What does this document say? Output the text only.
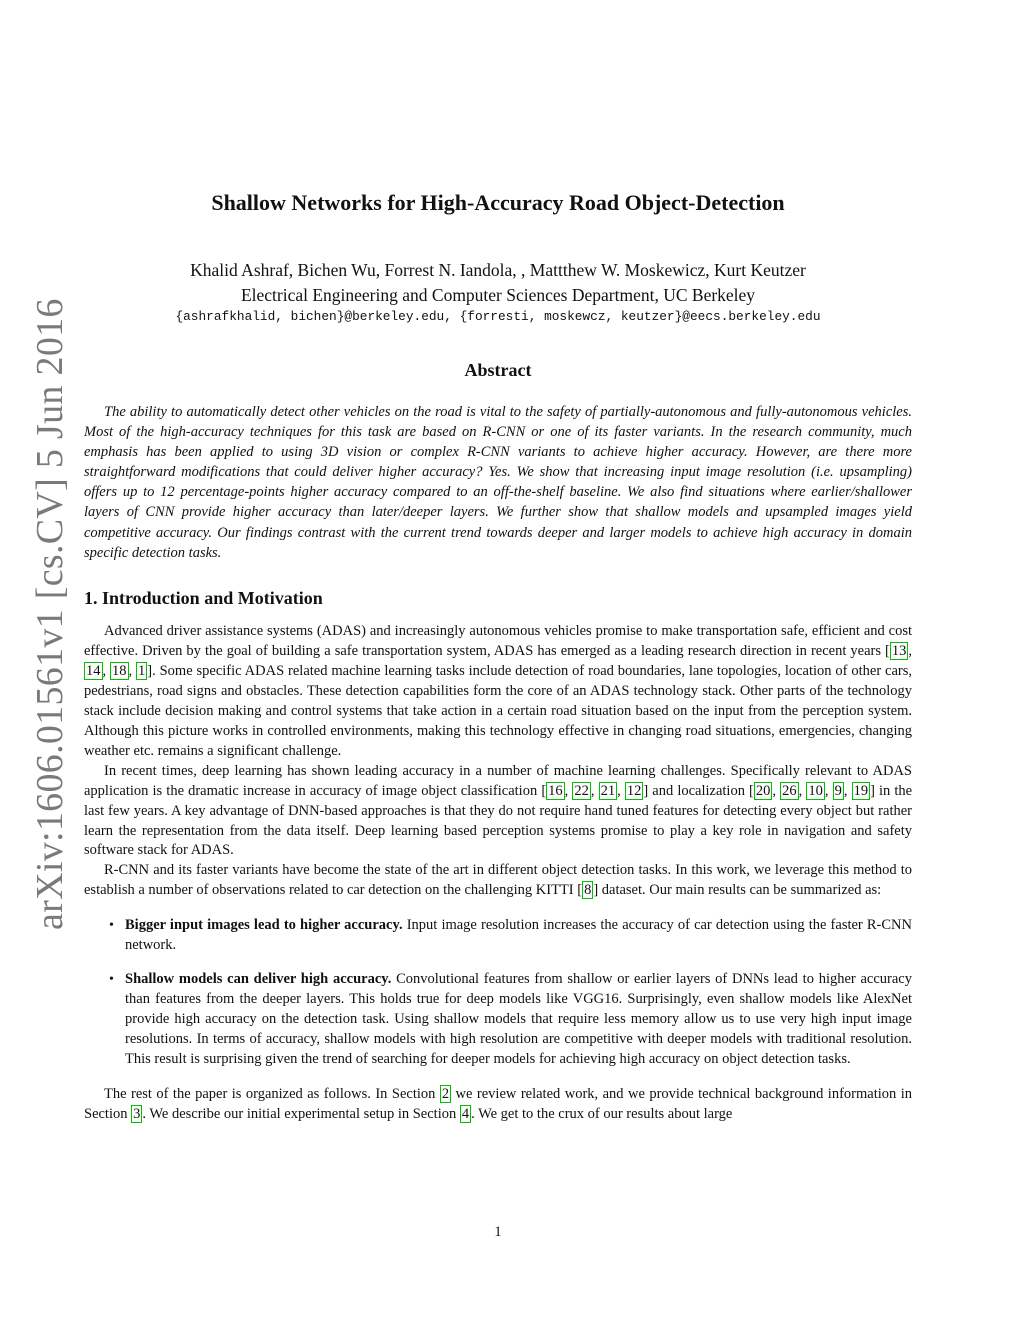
arXiv:1606.01561v1 [cs.CV] 5 Jun 2016
Shallow Networks for High-Accuracy Road Object-Detection
Khalid Ashraf, Bichen Wu, Forrest N. Iandola, , Mattthew W. Moskewicz, Kurt Keutzer
Electrical Engineering and Computer Sciences Department, UC Berkeley
{ashrafkhalid, bichen}@berkeley.edu, {forresti, moskewcz, keutzer}@eecs.berkeley.edu
Abstract

The ability to automatically detect other vehicles on the road is vital to the safety of partially-autonomous and fully-autonomous vehicles. Most of the high-accuracy techniques for this task are based on R-CNN or one of its faster variants. In the research community, much emphasis has been applied to using 3D vision or complex R-CNN variants to achieve higher accuracy. However, are there more straightforward modifications that could deliver higher accuracy? Yes. We show that increasing input image resolution (i.e. upsampling) offers up to 12 percentage-points higher accuracy compared to an off-the-shelf baseline. We also find situations where earlier/shallower layers of CNN provide higher accuracy than later/deeper layers. We further show that shallow models and upsampled images yield competitive accuracy. Our findings contrast with the current trend towards deeper and larger models to achieve high accuracy in domain specific detection tasks.

1. Introduction and Motivation

Advanced driver assistance systems (ADAS) and increasingly autonomous vehicles promise to make transportation safe, efficient and cost effective. Driven by the goal of building a safe transportation system, ADAS has emerged as a leading research direction in recent years [ 13 , 14 , 18 , 1 ]. Some specific ADAS related machine learning tasks include detection of road boundaries, lane topologies, location of other cars, pedestrians, road signs and obstacles. These detection capabilities form the core of an ADAS technology stack. Other parts of the technology stack include decision making and control systems that take action in a certain road situation based on the input from the perception system. Although this picture works in controlled environments, making this technology effective in changing road situations, emergencies, changing weather etc. remains a significant challenge.

In recent times, deep learning has shown leading accuracy in a number of machine learning challenges. Specifically relevant to ADAS application is the dramatic increase in accuracy of image object classification [ 16 , 22 , 21 , 12 ] and localization [ 20 , 26 , 10 , 9 , 19 ] in the last few years. A key advantage of DNN-based approaches is that they do not require hand tuned features for detecting every object but rather learn the representation from the data itself. Deep learning based perception systems promise to play a key role in navigation and safety software stack for ADAS.

R-CNN and its faster variants have become the state of the art in different object detection tasks. In this work, we leverage this method to establish a number of observations related to car detection on the challenging KITTI [ 8 ] dataset. Our main results can be summarized as:

• Bigger input images lead to higher accuracy. Input image resolution increases the accuracy of car detection using the faster R-CNN network.
• Shallow models can deliver high accuracy. Convolutional features from shallow or earlier layers of DNNs lead to higher accuracy than features from the deeper layers. This holds true for deep models like VGG16. Surprisingly, even shallow models like AlexNet provide high accuracy on the detection task. Using shallow models that require less memory allow us to use very high input image resolutions. In terms of accuracy, shallow models with high resolution are competitive with deeper models with traditional resolution. This result is surprising given the trend of searching for deeper models for achieving high accuracy on object detection tasks.

The rest of the paper is organized as follows. In Section 2 we review related work, and we provide technical background information in Section 3 . We describe our initial experimental setup in Section 4 . We get to the crux of our results about large

1
